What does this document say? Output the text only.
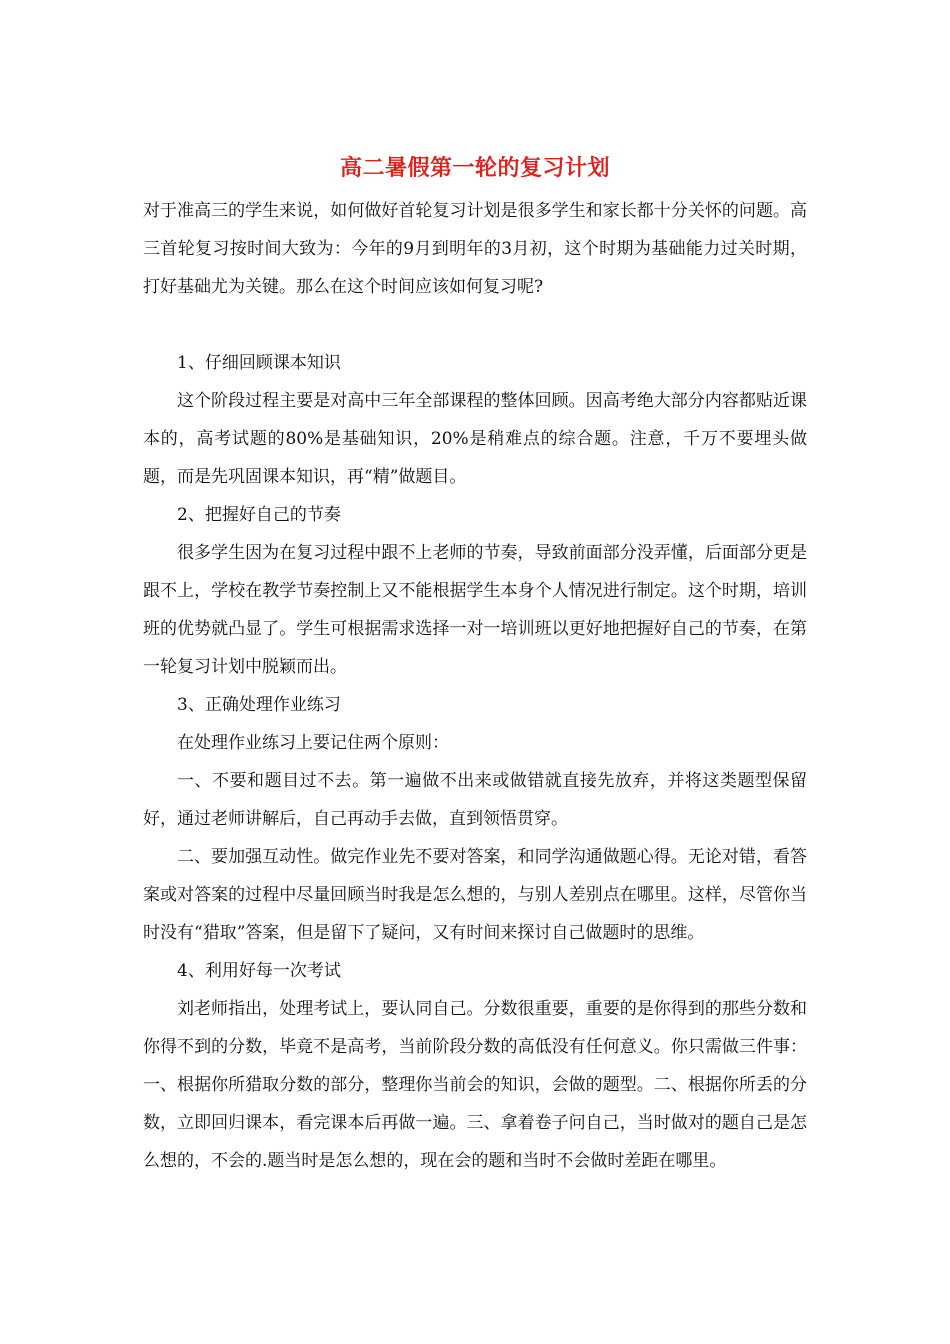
高二暑假第一轮的复习计划

对于准高三的学生来说，如何做好首轮复习计划是很多学生和家长都十分关怀的问题。高三首轮复习按时间大致为：今年的9月到明年的3月初，这个时期为基础能力过关时期，打好基础尤为关键。那么在这个时间应该如何复习呢?

1、仔细回顾课本知识

这个阶段过程主要是对高中三年全部课程的整体回顾。因高考绝大部分内容都贴近课本的，高考试题的80%是基础知识，20%是稍难点的综合题。注意，千万不要埋头做题，而是先巩固课本知识，再“精”做题目。

2、把握好自己的节奏

很多学生因为在复习过程中跟不上老师的节奏，导致前面部分没弄懂，后面部分更是跟不上，学校在教学节奏控制上又不能根据学生本身个人情况进行制定。这个时期，培训班的优势就凸显了。学生可根据需求选择一对一培训班以更好地把握好自己的节奏，在第一轮复习计划中脱颖而出。

3、正确处理作业练习

在处理作业练习上要记住两个原则：

一、不要和题目过不去。第一遍做不出来或做错就直接先放弃，并将这类题型保留好，通过老师讲解后，自己再动手去做，直到领悟贯穿。

二、要加强互动性。做完作业先不要对答案，和同学沟通做题心得。无论对错，看答案或对答案的过程中尽量回顾当时我是怎么想的，与别人差别点在哪里。这样，尽管你当时没有“猎取”答案，但是留下了疑问，又有时间来探讨自己做题时的思维。

4、利用好每一次考试

刘老师指出，处理考试上，要认同自己。分数很重要，重要的是你得到的那些分数和你得不到的分数，毕竟不是高考，当前阶段分数的高低没有任何意义。你只需做三件事：一、根据你所猎取分数的部分，整理你当前会的知识，会做的题型。二、根据你所丢的分数，立即回归课本，看完课本后再做一遍。三、拿着卷子问自己，当时做对的题自己是怎么想的，不会的.题当时是怎么想的，现在会的题和当时不会做时差距在哪里。
